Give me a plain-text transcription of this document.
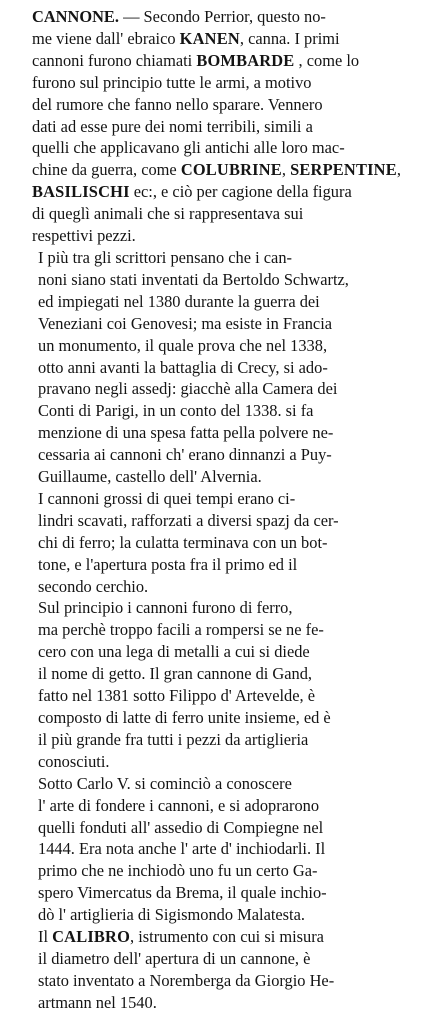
CANNONE. — Secondo Perrior, questo no-
me viene dall' ebraico KANEN, canna. I primi
cannoni furono chiamati BOMBARDE , come lo
furono sul principio tutte le armi, a motivo
del rumore che fanno nello sparare. Vennero
dati ad esse pure dei nomi terribili, simili a
quelli che applicavano gli antichi alle loro mac-
chine da guerra, come COLUBRINE, SERPENTINE,
BASILISCHI ec:, e ciò per cagione della figura
di queglì animali che si rappresentava sui
respettivi pezzi.
I più tra gli scrittori pensano che i can-
noni siano stati inventati da Bertoldo Schwartz,
ed impiegati nel 1380 durante la guerra dei
Veneziani coi Genovesi; ma esiste in Francia
un monumento, il quale prova che nel 1338,
otto anni avanti la battaglia di Crecy, si ado-
pravano negli assedj: giacchè alla Camera dei
Conti di Parigi, in un conto del 1338. si fa
menzione di una spesa fatta pella polvere ne-
cessaria ai cannoni ch' erano dinnanzi a Puy-
Guillaume, castello dell' Alvernia.
I cannoni grossi di quei tempi erano ci-
lindri scavati, rafforzati a diversi spazj da cer-
chi di ferro; la culatta terminava con un bot-
tone, e l'apertura posta fra il primo ed il
secondo cerchio.
Sul principio i cannoni furono di ferro,
ma perchè troppo facili a rompersi se ne fe-
cero con una lega di metalli a cui si diede
il nome di getto. Il gran cannone di Gand,
fatto nel 1381 sotto Filippo d' Artevelde, è
composto di latte di ferro unite insieme, ed è
il più grande fra tutti i pezzi da artiglieria
conosciuti.
Sotto Carlo V. si cominciò a conoscere
l' arte di fondere i cannoni, e si adoprarono
quelli fonduti all' assedio di Compiegne nel
1444. Era nota anche l' arte d' inchiodarli. Il
primo che ne inchiodò uno fu un certo Ga-
spero Vimercatus da Brema, il quale inchio-
dò l' artiglieria di Sigismondo Malatesta.
Il CALIBRO, istrumento con cui si misura
il diametro dell' apertura di un cannone, è
stato inventato a Noremberga da Giorgio He-
artmann nel 1540.
